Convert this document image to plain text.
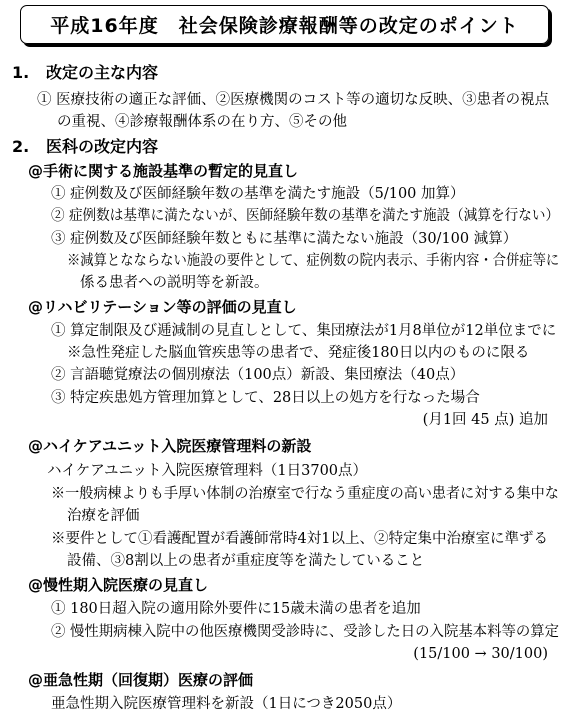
平成16年度　社会保険診療報酬等の改定のポイント
1. 改定の主な内容
① 医療技術の適正な評価、②医療機関のコスト等の適切な反映、③患者の視点
の重視、④診療報酬体系の在り方、⑤その他
2. 医科の改定内容
@手術に関する施設基準の暫定的見直し
① 症例数及び医師経験年数の基準を満たす施設（5/100 加算）
② 症例数は基準に満たないが、医師経験年数の基準を満たす施設（減算を行ない）
③ 症例数及び医師経験年数ともに基準に満たない施設（30/100 減算）
※減算となならない施設の要件として、症例数の院内表示、手術内容・合併症等に
係る患者への説明等を新設。
@リハビリテーション等の評価の見直し
① 算定制限及び逓減制の見直しとして、集団療法が1月8単位が12単位までに
※急性発症した脳血管疾患等の患者で、発症後180日以内のものに限る
② 言語聴覚療法の個別療法（100点）新設、集団療法（40点）
③ 特定疾患処方管理加算として、28日以上の処方を行なった場合
(月1回 45 点) 追加
@ハイケアユニット入院医療管理料の新設
ハイケアユニット入院医療管理料（1日3700点）
※一般病棟よりも手厚い体制の治療室で行なう重症度の高い患者に対する集中な
治療を評価
※要件として①看護配置が看護師常時4対1以上、②特定集中治療室に準ずる
設備、③8割以上の患者が重症度等を満たしていること
@慢性期入院医療の見直し
① 180日超入院の適用除外要件に15歳未満の患者を追加
② 慢性期病棟入院中の他医療機関受診時に、受診した日の入院基本料等の算定
(15/100 → 30/100)
@亜急性期（回復期）医療の評価
亜急性期入院医療管理料を新設（1日につき2050点）
